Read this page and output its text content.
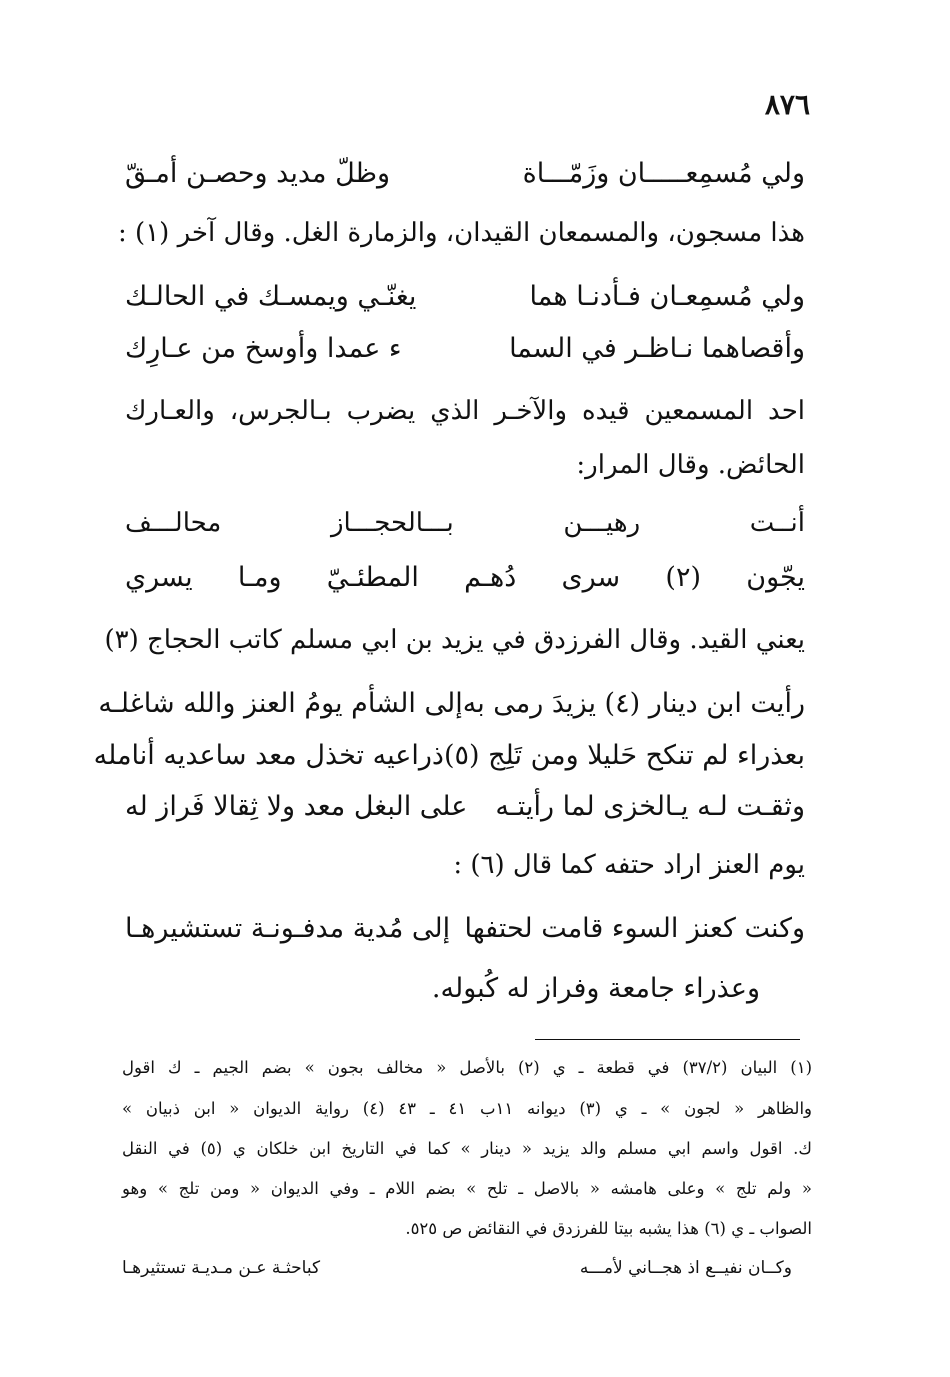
٨٧٦
ولي مُسمِعـــــان وزَمّـــاة
وظلّ مديد وحصـن أمـقّ
هذا مسجون، والمسمعان القيدان، والزمارة الغل. وقال آخر (١) :
ولي مُسمِعـان فـأدنـا هما
يغنّـي ويمسـك في الحالـك
وأقصاهما نـاظـر في السما
ء عمدا وأوسخ من عـارِك
احد المسمعين قيده والآخـر الذي يضرب بـالجرس، والعـارك
الحائض. وقال المرار:
أنــت رهيـــن بـــالحجـــاز محالـــف
يجّون (٢) سرى دُهـم المطئـيّ ومـا يسري
يعني القيد. وقال الفرزدق في يزيد بن ابي مسلم كاتب الحجاج (٣)
رأيت ابن دينار (٤) يزيدَ رمى به
إلى الشأم يومُ العنز والله شاغلـه
بعذراء لم تنكح حَليلا ومن تَلِج (٥)
ذراعيه تخذل معد ساعديه أنامله
وثقـت لـه يـالخزى لما رأيتـه
على البغل معد ولا ثِقالا فَراز له
يوم العنز اراد حتفه كما قال (٦) :
وكنت كعنز السوء قامت لحتفها
إلى مُدية مدفـونـة تستشيرهـا
وعذراء جامعة وفراز له كُبوله.
(١) البيان (٣٧/٢) في قطعة ـ ي (٢) بالأصل « مخالف بجون » بضم الجيم ـ ك اقول
والظاهر « لجون » ـ ي (٣) ديوانه ١١ب ٤١ ـ ٤٣ (٤) رواية الديوان « ابن ذبيان »
ك. اقول واسم ابي مسلم والد يزيد « دينار » كما في التاريخ ابن خلكان ي (٥) في النقل
« ولم تلج » وعلى هامشه « بالاصل ـ تلح » بضم اللام ـ وفي الديوان « ومن تلج » وهو
الصواب ـ ي (٦) هذا يشبه بيتا للفرزدق في النقائض ص ٥٢٥.
وكــان نفيــع اذ هجــاني لأمـــه
كباحثـة عـن مـديـة تستثيرهـا
